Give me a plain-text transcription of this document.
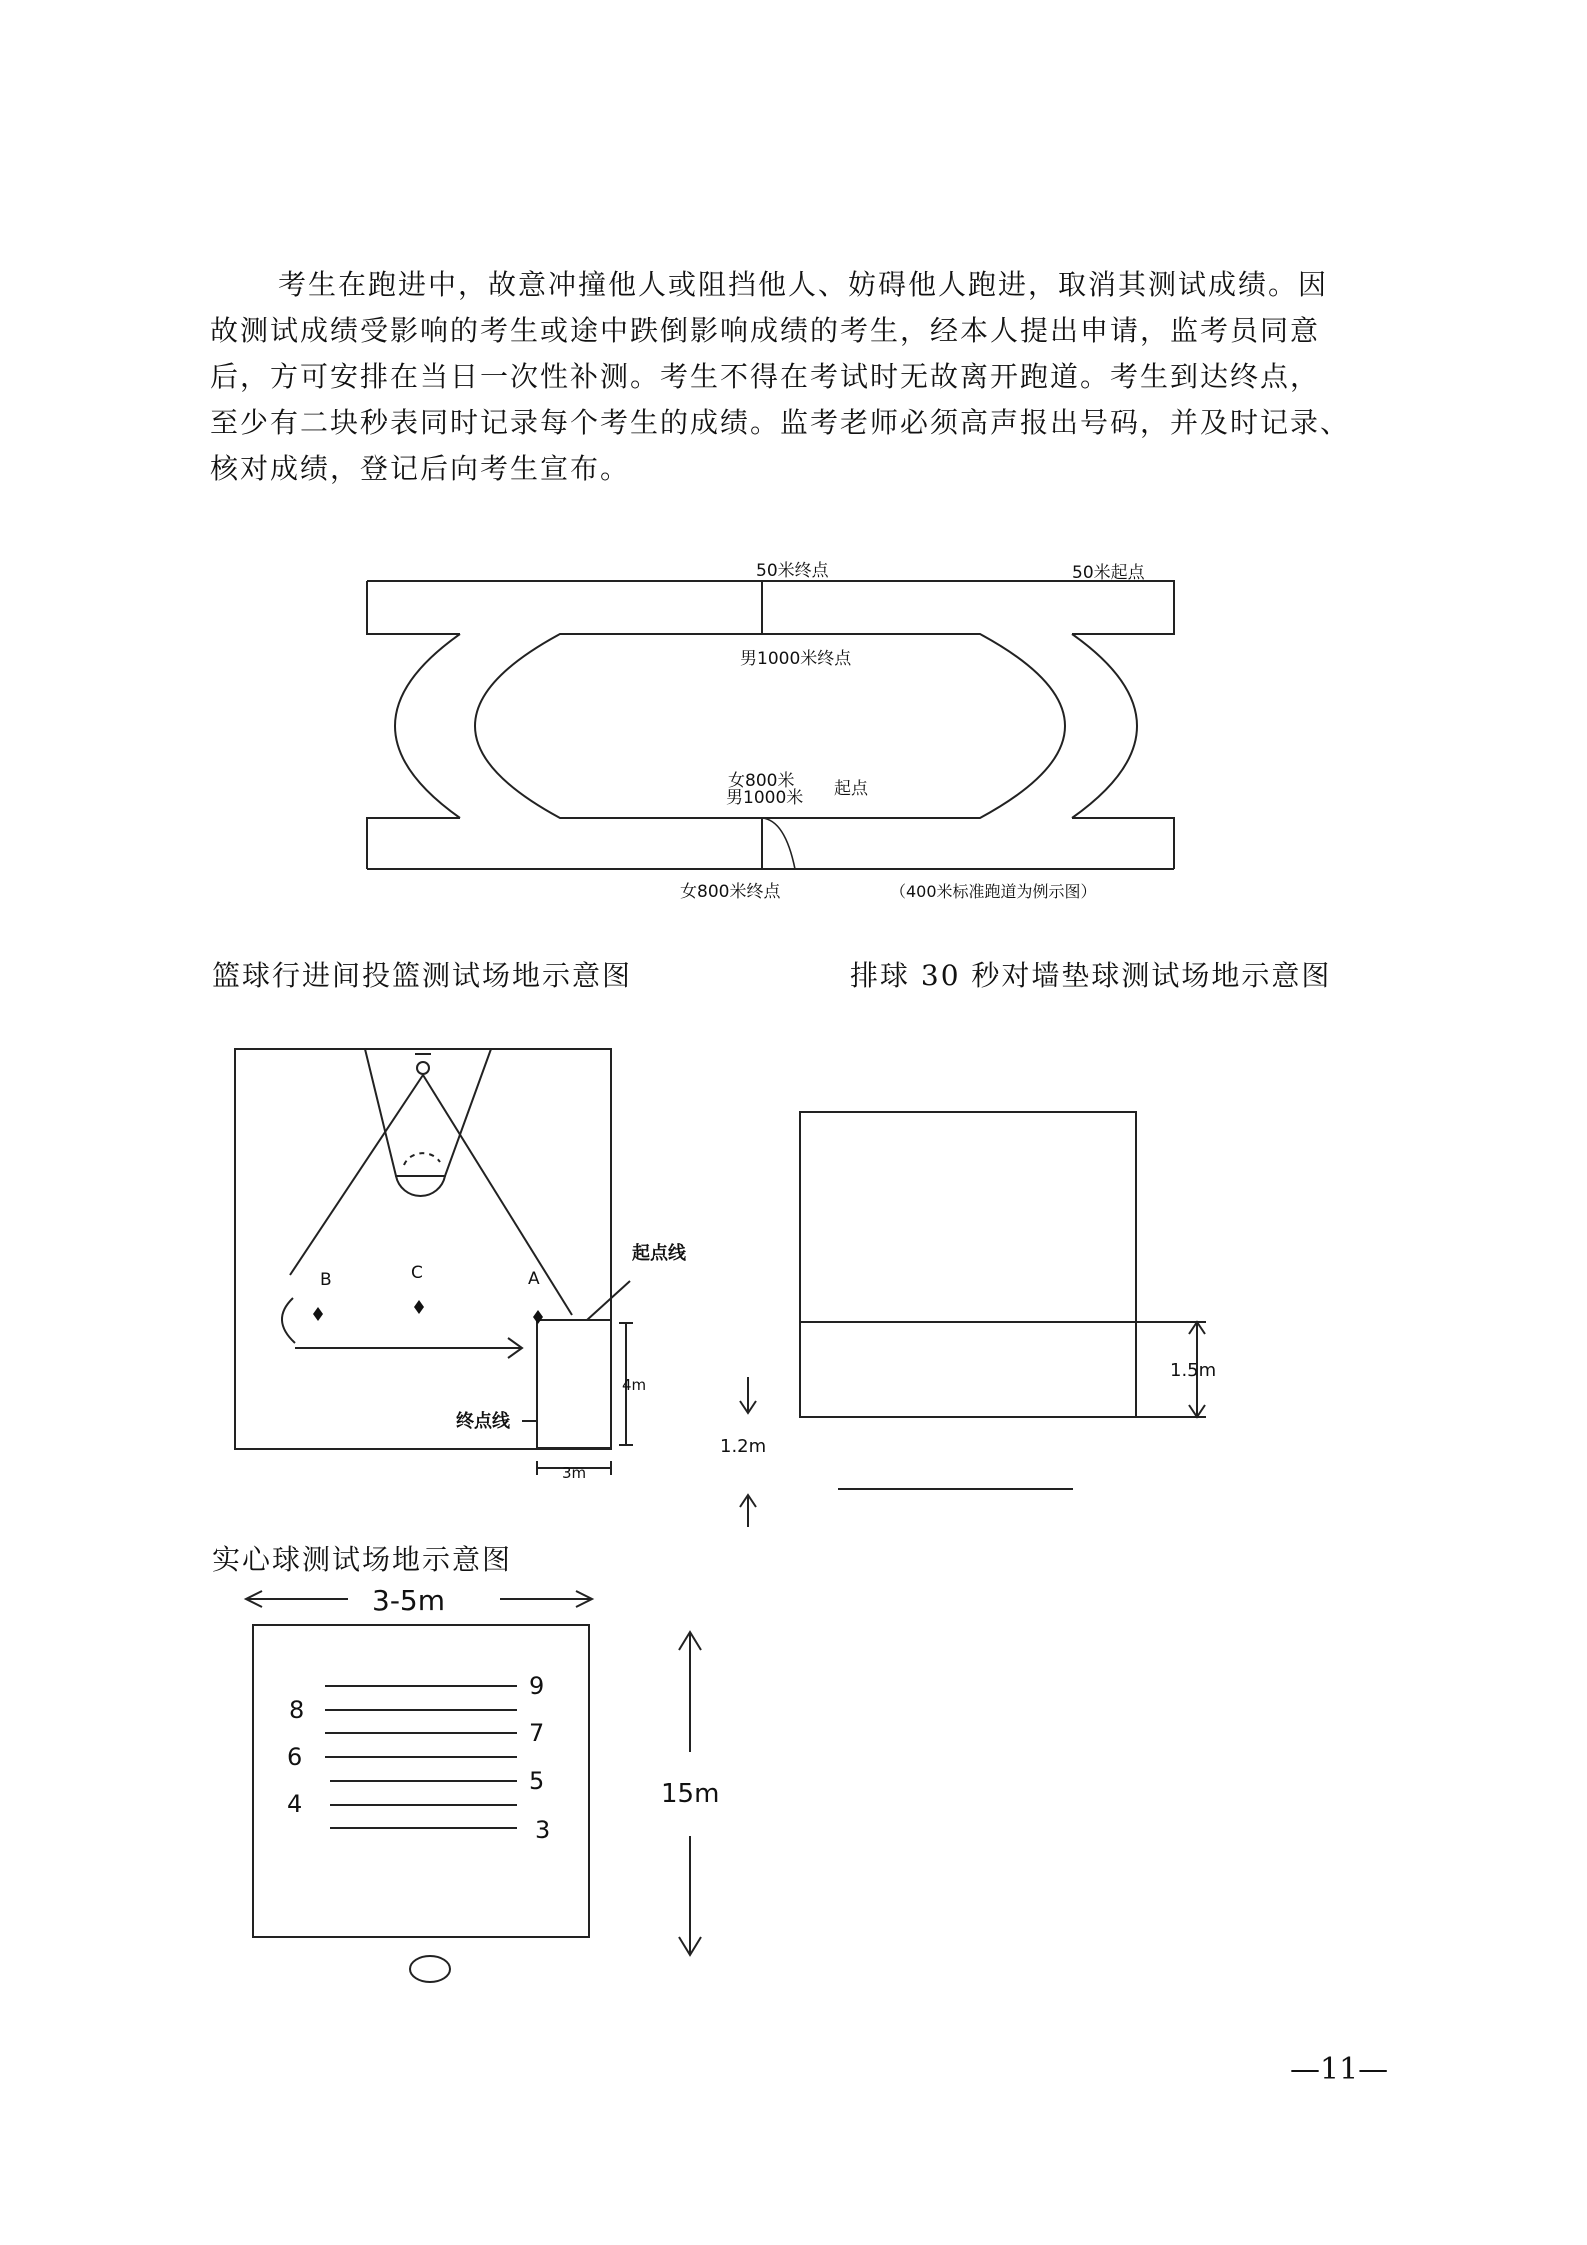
考生在跑进中，故意冲撞他人或阻挡他人、妨碍他人跑进，取消其测试成绩。因
故测试成绩受影响的考生或途中跌倒影响成绩的考生，经本人提出申请，监考员同意
后，方可安排在当日一次性补测。考生不得在考试时无故离开跑道。考生到达终点，
至少有二块秒表同时记录每个考生的成绩。监考老师必须高声报出号码，并及时记录、
核对成绩，登记后向考生宣布。
50米终点	50米起点
男1000米终点
女800米
男1000米 起点
女800米终点	（400米标准跑道为例示图）
B	C	A
起点线
终点线
4m
3m
1.5m
1.2m
3-5m
15m
9
7
5
3
8
6
4
篮球行进间投篮测试场地示意图	排球 30 秒对墙垫球测试场地示意图
实心球测试场地示意图
—11—
